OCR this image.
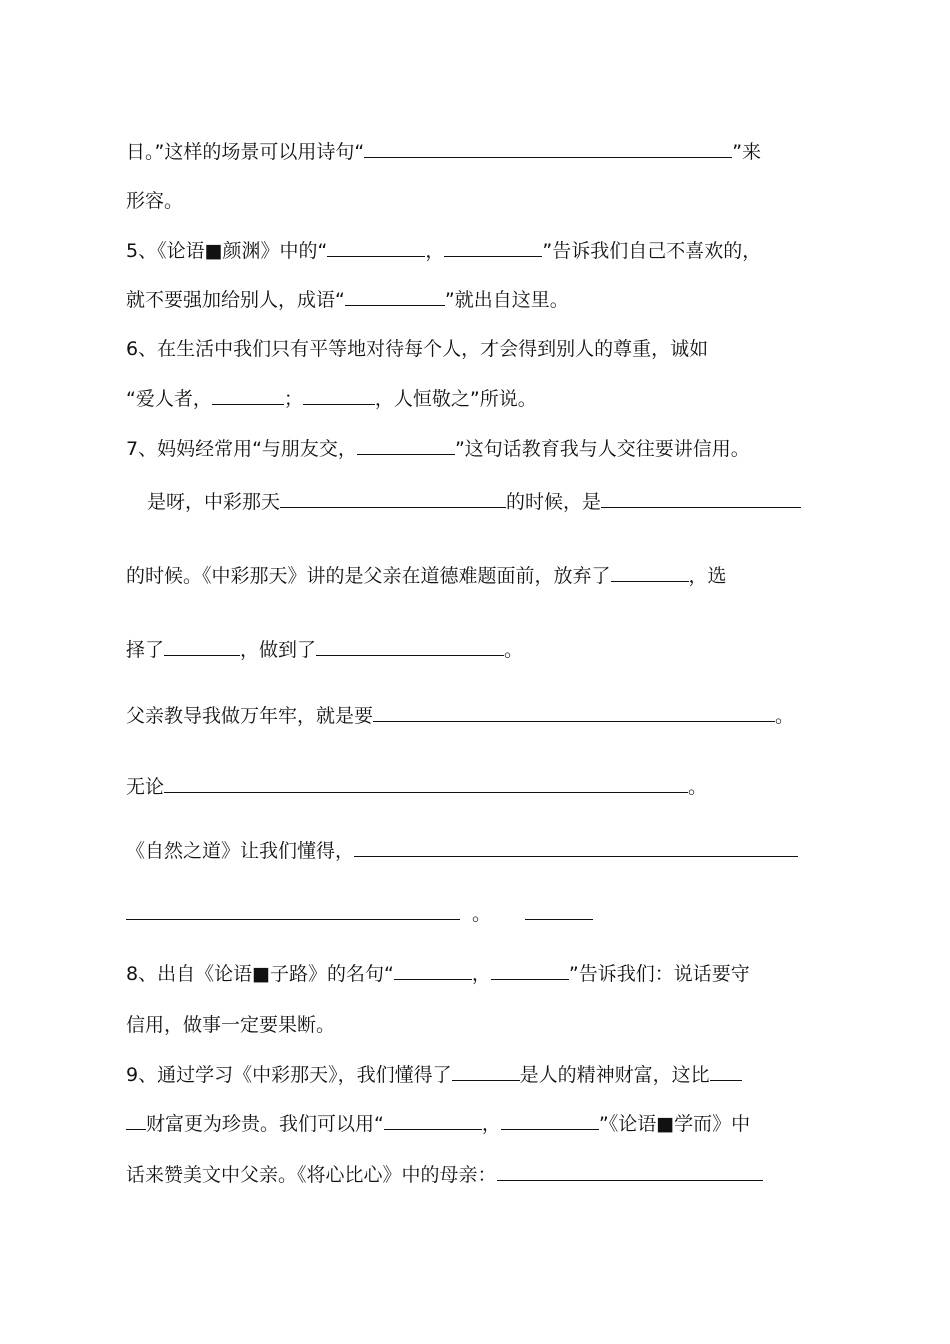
日。”这样的场景可以用诗句“	”来
形容。
5、《论语■颜渊》中的“	，	”告诉我们自己不喜欢的，
就不要强加给别人，成语“	”就出自这里。
6、在生活中我们只有平等地对待每个人，才会得到别人的尊重，诚如
“爱人者，	；	，人恒敬之”所说。
7、妈妈经常用“与朋友交，	”这句话教育我与人交往要讲信用。
是呀，中彩那天	的时候，是
的时候。《中彩那天》讲的是父亲在道德难题面前，放弃了	，选
择了	，做到了	。
父亲教导我做万年牢，就是要	。
无论	。
《自然之道》让我们懂得，
。
8、出自《论语■子路》的名句“	，	”告诉我们：说话要守
信用，做事一定要果断。
9、通过学习《中彩那天》，我们懂得了	是人的精神财富，这比
财富更为珍贵。我们可以用“	，	”《论语■学而》中
话来赞美文中父亲。《将心比心》中的母亲：
